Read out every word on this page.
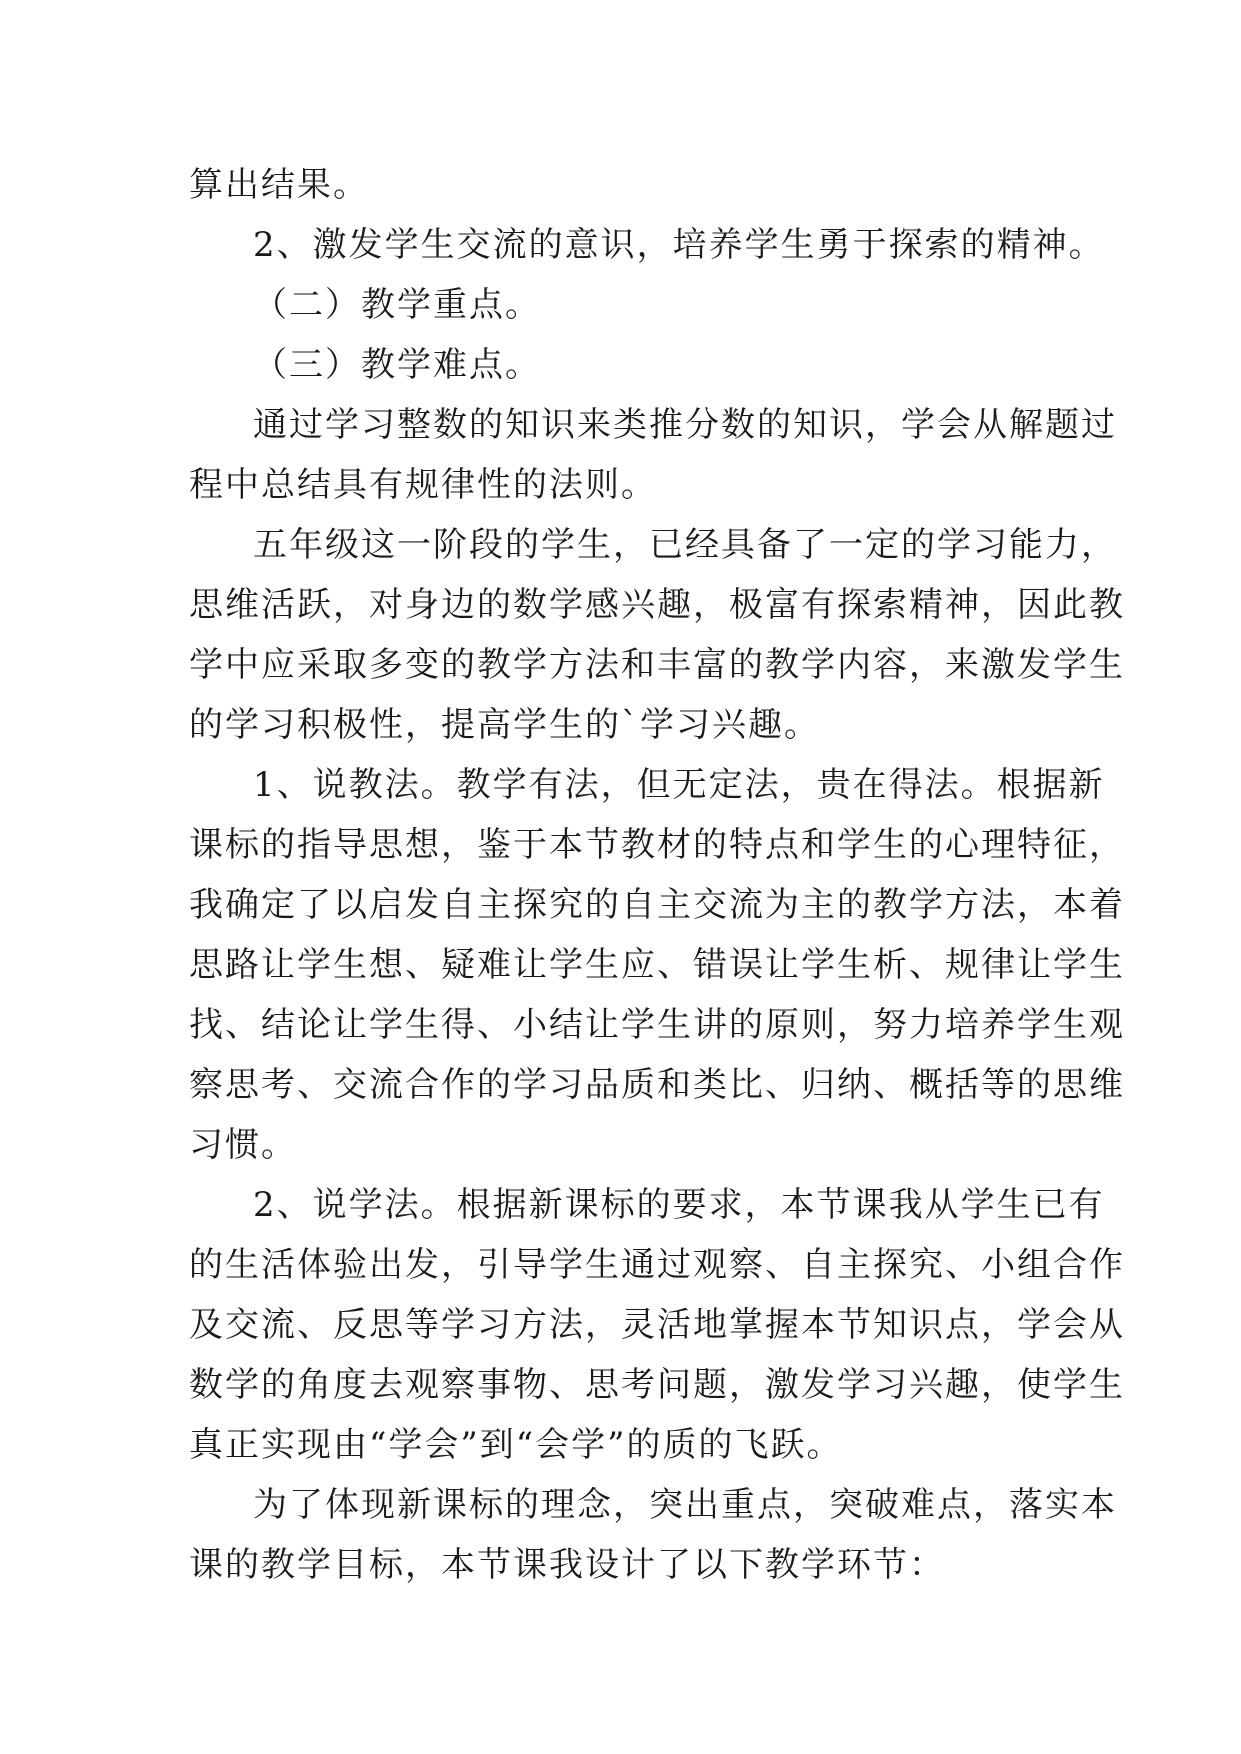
算出结果。
2、激发学生交流的意识，培养学生勇于探索的精神。
（二）教学重点。
（三）教学难点。
通过学习整数的知识来类推分数的知识，学会从解题过
程中总结具有规律性的法则。
五年级这一阶段的学生，已经具备了一定的学习能力，
思维活跃，对身边的数学感兴趣，极富有探索精神，因此教
学中应采取多变的教学方法和丰富的教学内容，来激发学生
的学习积极性，提高学生的`学习兴趣。
1、说教法。教学有法，但无定法，贵在得法。根据新
课标的指导思想，鉴于本节教材的特点和学生的心理特征，
我确定了以启发自主探究的自主交流为主的教学方法，本着
思路让学生想、疑难让学生应、错误让学生析、规律让学生
找、结论让学生得、小结让学生讲的原则，努力培养学生观
察思考、交流合作的学习品质和类比、归纳、概括等的思维
习惯。
2、说学法。根据新课标的要求，本节课我从学生已有
的生活体验出发，引导学生通过观察、自主探究、小组合作
及交流、反思等学习方法，灵活地掌握本节知识点，学会从
数学的角度去观察事物、思考问题，激发学习兴趣，使学生
真正实现由“学会”到“会学”的质的飞跃。
为了体现新课标的理念，突出重点，突破难点，落实本
课的教学目标，本节课我设计了以下教学环节：
